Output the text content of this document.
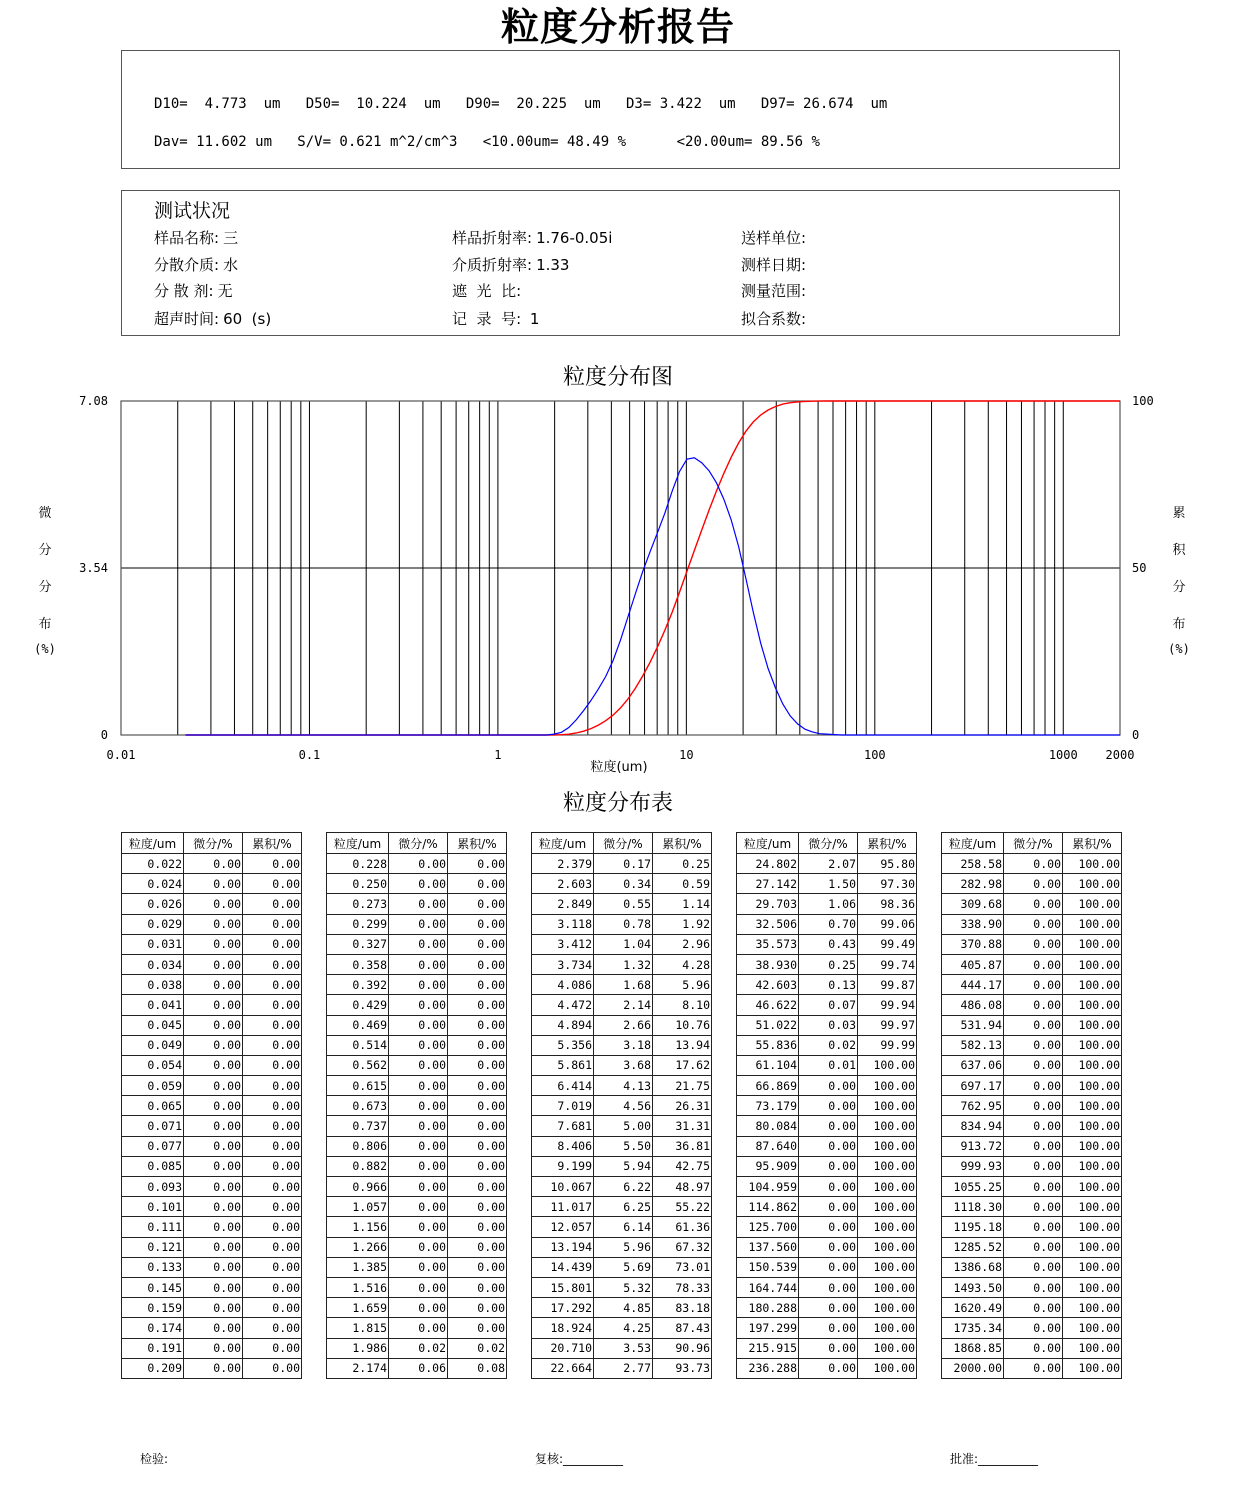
粒度分析报告
D10=  4.773  um   D50=  10.224  um   D90=  20.225  um   D3= 3.422  um   D97= 26.674  um
Dav= 11.602 um   S/V= 0.621 m^2/cm^3   <10.00um= 48.49 %      <20.00um= 89.56 %
测试状况
样品名称: 三	样品折射率: 1.76-0.05i	送样单位:
分散介质: 水	介质折射率: 1.33	测样日期:
分 散 剂: 无	遮  光  比:	测量范围:
超声时间: 60  (s)	记  录  号: 1	拟合系数:
粒度分布图
0.01	0.1	1	10	100	1000 2000
0
3.54
7.08
0
50
100
粒度(um)
微
分
分
布
(%)
累
积
分
布
(%)
粒度分布表
粒度/um	微分/%	累积/%
0.022	0.00	0.00
0.024	0.00	0.00
0.026	0.00	0.00
0.029	0.00	0.00
0.031	0.00	0.00
0.034	0.00	0.00
0.038	0.00	0.00
0.041	0.00	0.00
0.045	0.00	0.00
0.049	0.00	0.00
0.054	0.00	0.00
0.059	0.00	0.00
0.065	0.00	0.00
0.071	0.00	0.00
0.077	0.00	0.00
0.085	0.00	0.00
0.093	0.00	0.00
0.101	0.00	0.00
0.111	0.00	0.00
0.121	0.00	0.00
0.133	0.00	0.00
0.145	0.00	0.00
0.159	0.00	0.00
0.174	0.00	0.00
0.191	0.00	0.00
0.209	0.00	0.00
粒度/um	微分/%	累积/%
0.228	0.00	0.00
0.250	0.00	0.00
0.273	0.00	0.00
0.299	0.00	0.00
0.327	0.00	0.00
0.358	0.00	0.00
0.392	0.00	0.00
0.429	0.00	0.00
0.469	0.00	0.00
0.514	0.00	0.00
0.562	0.00	0.00
0.615	0.00	0.00
0.673	0.00	0.00
0.737	0.00	0.00
0.806	0.00	0.00
0.882	0.00	0.00
0.966	0.00	0.00
1.057	0.00	0.00
1.156	0.00	0.00
1.266	0.00	0.00
1.385	0.00	0.00
1.516	0.00	0.00
1.659	0.00	0.00
1.815	0.00	0.00
1.986	0.02	0.02
2.174	0.06	0.08
粒度/um	微分/%	累积/%
2.379	0.17	0.25
2.603	0.34	0.59
2.849	0.55	1.14
3.118	0.78	1.92
3.412	1.04	2.96
3.734	1.32	4.28
4.086	1.68	5.96
4.472	2.14	8.10
4.894	2.66	10.76
5.356	3.18	13.94
5.861	3.68	17.62
6.414	4.13	21.75
7.019	4.56	26.31
7.681	5.00	31.31
8.406	5.50	36.81
9.199	5.94	42.75
10.067	6.22	48.97
11.017	6.25	55.22
12.057	6.14	61.36
13.194	5.96	67.32
14.439	5.69	73.01
15.801	5.32	78.33
17.292	4.85	83.18
18.924	4.25	87.43
20.710	3.53	90.96
22.664	2.77	93.73
粒度/um	微分/%	累积/%
24.802	2.07	95.80
27.142	1.50	97.30
29.703	1.06	98.36
32.506	0.70	99.06
35.573	0.43	99.49
38.930	0.25	99.74
42.603	0.13	99.87
46.622	0.07	99.94
51.022	0.03	99.97
55.836	0.02	99.99
61.104	0.01	100.00
66.869	0.00	100.00
73.179	0.00	100.00
80.084	0.00	100.00
87.640	0.00	100.00
95.909	0.00	100.00
104.959	0.00	100.00
114.862	0.00	100.00
125.700	0.00	100.00
137.560	0.00	100.00
150.539	0.00	100.00
164.744	0.00	100.00
180.288	0.00	100.00
197.299	0.00	100.00
215.915	0.00	100.00
236.288	0.00	100.00
粒度/um	微分/%	累积/%
258.58	0.00	100.00
282.98	0.00	100.00
309.68	0.00	100.00
338.90	0.00	100.00
370.88	0.00	100.00
405.87	0.00	100.00
444.17	0.00	100.00
486.08	0.00	100.00
531.94	0.00	100.00
582.13	0.00	100.00
637.06	0.00	100.00
697.17	0.00	100.00
762.95	0.00	100.00
834.94	0.00	100.00
913.72	0.00	100.00
999.93	0.00	100.00
1055.25	0.00	100.00
1118.30	0.00	100.00
1195.18	0.00	100.00
1285.52	0.00	100.00
1386.68	0.00	100.00
1493.50	0.00	100.00
1620.49	0.00	100.00
1735.34	0.00	100.00
1868.85	0.00	100.00
2000.00	0.00	100.00
检验:	复核:__________	批准:__________
